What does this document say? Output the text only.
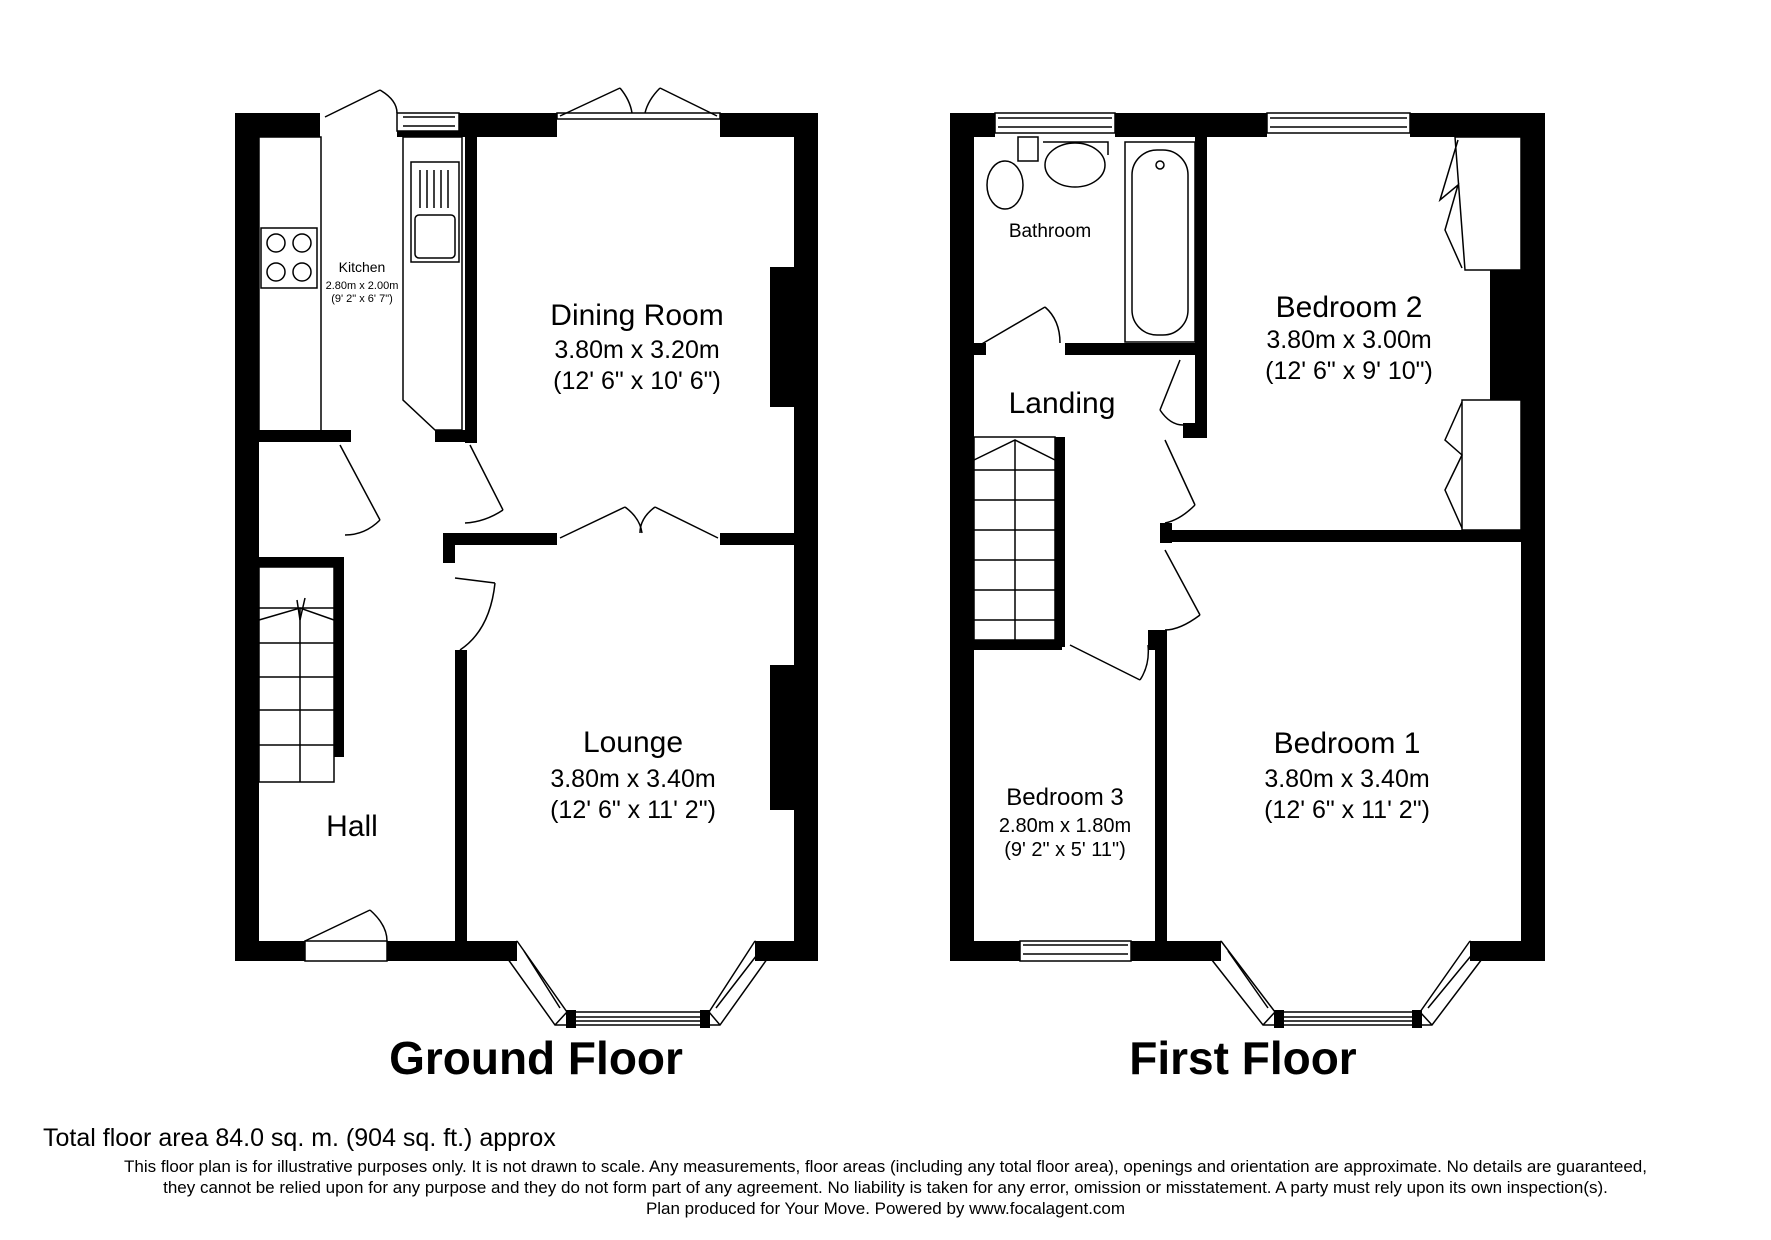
Kitchen
2.80m x 2.00m
(9' 2" x 6' 7")	Dining Room
3.80m x 3.20m
(12' 6" x 10' 6")
Lounge
3.80m x 3.40m
(12' 6" x 11' 2")
Hall
Ground Floor
Bathroom
Landing
Bedroom 2
3.80m x 3.00m
(12' 6" x 9' 10")
Bedroom 1
3.80m x 3.40m
(12' 6" x 11' 2")
Bedroom 3
2.80m x 1.80m
(9' 2" x 5' 11")
First Floor
Total floor area 84.0 sq. m. (904 sq. ft.) approx
This floor plan is for illustrative purposes only. It is not drawn to scale. Any measurements, floor areas (including any total floor area), openings and orientation are approximate. No details are guaranteed,
they cannot be relied upon for any purpose and they do not form part of any agreement. No liability is taken for any error, omission or misstatement. A party must rely upon its own inspection(s).
Plan produced for Your Move. Powered by www.focalagent.com
